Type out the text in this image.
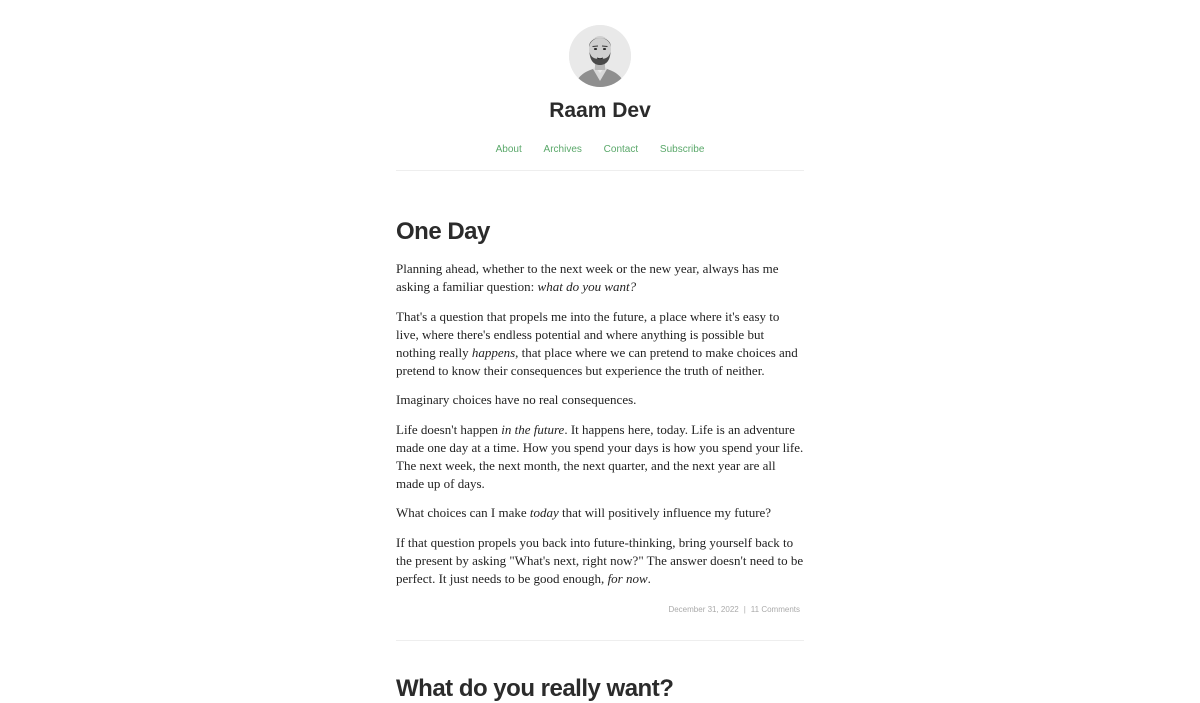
Raam Dev
About Archives Contact Subscribe
One Day

Planning ahead, whether to the next week or the new year, always has me asking a familiar question: what do you want?

That's a question that propels me into the future, a place where it's easy to live, where there's endless potential and where anything is possible but nothing really happens, that place where we can pretend to make choices and pretend to know their consequences but experience the truth of neither.

Imaginary choices have no real consequences.

Life doesn't happen in the future. It happens here, today. Life is an adventure made one day at a time. How you spend your days is how you spend your life. The next week, the next month, the next quarter, and the next year are all made up of days.

What choices can I make today that will positively influence my future?

If that question propels you back into future-thinking, bring yourself back to the present by asking "What's next, right now?" The answer doesn't need to be perfect. It just needs to be good enough, for now.

December 31, 2022 | 11 Comments
What do you really want?
